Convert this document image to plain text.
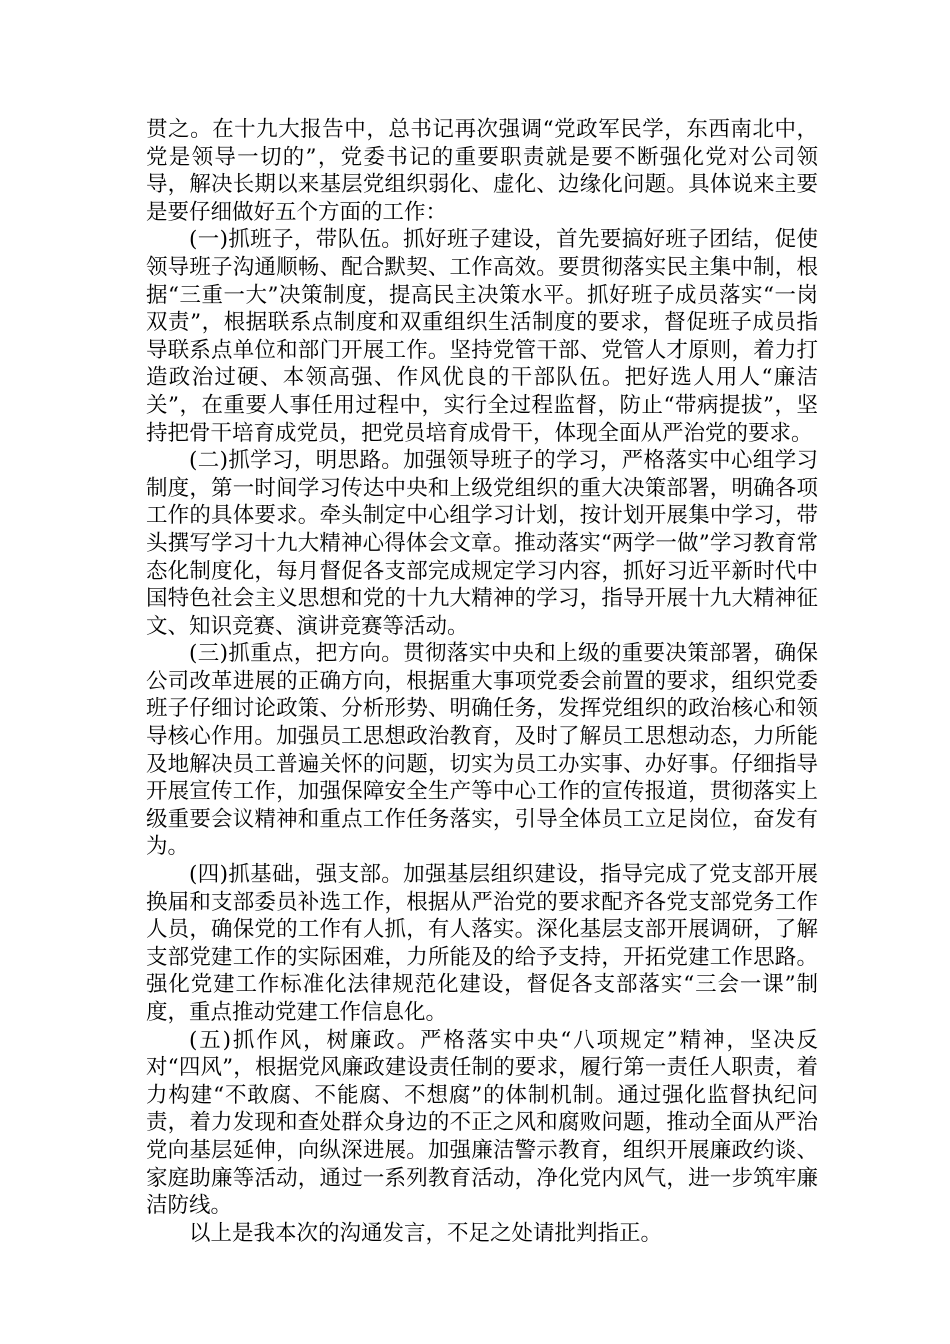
贯之。在十九大报告中，总书记再次强调“党政军民学，东西南北中，党是领导一切的”，党委书记的重要职责就是要不断强化党对公司领导，解决长期以来基层党组织弱化、虚化、边缘化问题。具体说来主要是要仔细做好五个方面的工作：

(一)抓班子，带队伍。抓好班子建设，首先要搞好班子团结，促使领导班子沟通顺畅、配合默契、工作高效。要贯彻落实民主集中制，根据“三重一大”决策制度，提高民主决策水平。抓好班子成员落实“一岗双责”，根据联系点制度和双重组织生活制度的要求，督促班子成员指导联系点单位和部门开展工作。坚持党管干部、党管人才原则，着力打造政治过硬、本领高强、作风优良的干部队伍。把好选人用人“廉洁关”，在重要人事任用过程中，实行全过程监督，防止“带病提拔”，坚持把骨干培育成党员，把党员培育成骨干，体现全面从严治党的要求。

(二)抓学习，明思路。加强领导班子的学习，严格落实中心组学习制度，第一时间学习传达中央和上级党组织的重大决策部署，明确各项工作的具体要求。牵头制定中心组学习计划，按计划开展集中学习，带头撰写学习十九大精神心得体会文章。推动落实“两学一做”学习教育常态化制度化，每月督促各支部完成规定学习内容，抓好习近平新时代中国特色社会主义思想和党的十九大精神的学习，指导开展十九大精神征文、知识竞赛、演讲竞赛等活动。

(三)抓重点，把方向。贯彻落实中央和上级的重要决策部署，确保公司改革进展的正确方向，根据重大事项党委会前置的要求，组织党委班子仔细讨论政策、分析形势、明确任务，发挥党组织的政治核心和领导核心作用。加强员工思想政治教育，及时了解员工思想动态，力所能及地解决员工普遍关怀的问题，切实为员工办实事、办好事。仔细指导开展宣传工作，加强保障安全生产等中心工作的宣传报道，贯彻落实上级重要会议精神和重点工作任务落实，引导全体员工立足岗位，奋发有为。

(四)抓基础，强支部。加强基层组织建设，指导完成了党支部开展换届和支部委员补选工作，根据从严治党的要求配齐各党支部党务工作人员，确保党的工作有人抓，有人落实。深化基层支部开展调研，了解支部党建工作的实际困难，力所能及的给予支持，开拓党建工作思路。强化党建工作标准化法律规范化建设，督促各支部落实“三会一课”制度，重点推动党建工作信息化。

(五)抓作风，树廉政。严格落实中央“八项规定”精神，坚决反对“四风”，根据党风廉政建设责任制的要求，履行第一责任人职责，着力构建“不敢腐、不能腐、不想腐”的体制机制。通过强化监督执纪问责，着力发现和查处群众身边的不正之风和腐败问题，推动全面从严治党向基层延伸，向纵深进展。加强廉洁警示教育，组织开展廉政约谈、家庭助廉等活动，通过一系列教育活动，净化党内风气，进一步筑牢廉洁防线。

以上是我本次的沟通发言，不足之处请批判指正。
